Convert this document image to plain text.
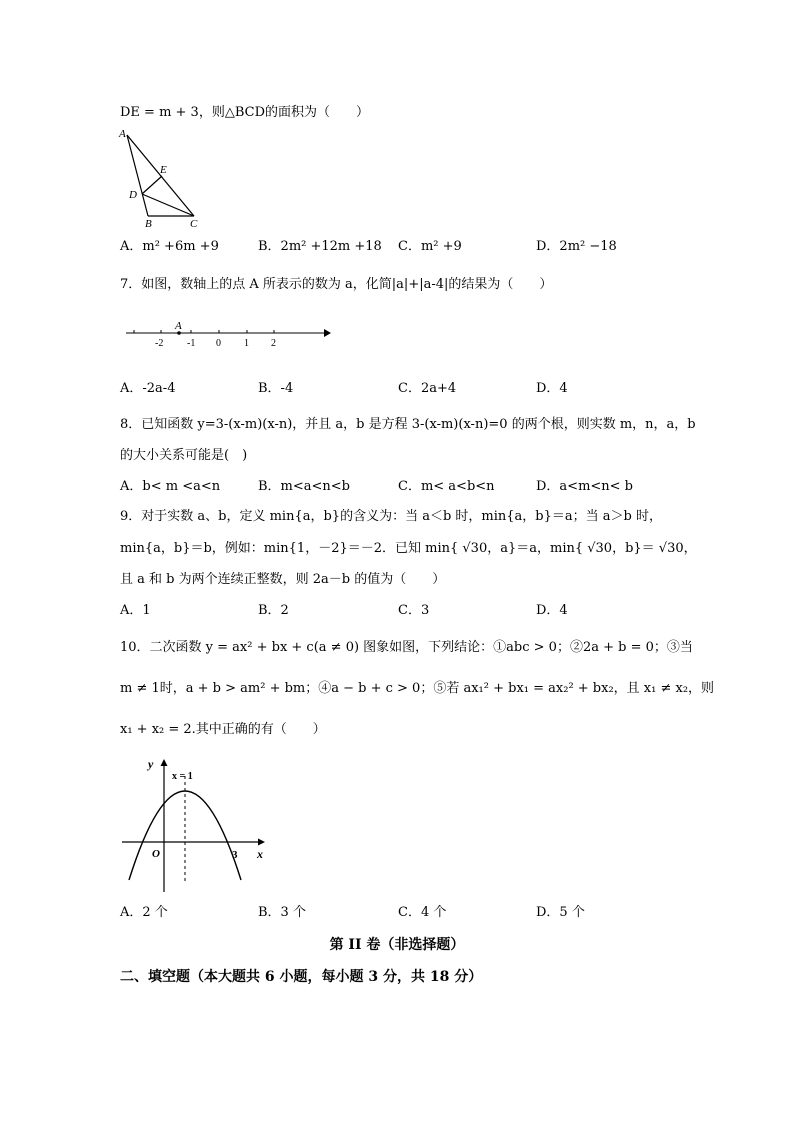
DE = m + 3，则△BCD的面积为（　　）
A
E
D
B	C
A．m² +6m +9	B．2m² +12m +18 C．m² +9	D．2m² −18
7．如图，数轴上的点 A 所表示的数为 a，化简|a|+|a-4|的结果为（　　）
A
-2 -1 0 1 2
A．-2a-4	B．-4	C．2a+4	D．4
8．已知函数 y=3-(x-m)(x-n)，并且 a，b 是方程 3-(x-m)(x-n)=0 的两个根，则实数 m，n，a，b
的大小关系可能是(　)
A．b< m <a<n	B．m<a<n<b	C．m< a<b<n	D．a<m<n< b
9．对于实数 a、b，定义 min{a，b}的含义为：当 a＜b 时，min{a，b}＝a；当 a＞b 时，
min{a，b}＝b，例如：min{1，－2}＝－2．已知 min{ √30，a}＝a，min{ √30，b}＝ √30，
且 a 和 b 为两个连续正整数，则 2a－b 的值为（　　）
A．1	B．2	C．3	D．4
10．二次函数 y = ax² + bx + c(a ≠ 0) 图象如图，下列结论：①abc > 0；②2a + b = 0；③当
m ≠ 1时，a + b > am² + bm；④a − b + c > 0；⑤若 ax₁² + bx₁ = ax₂² + bx₂，且 x₁ ≠ x₂，则
x₁ + x₂ = 2.其中正确的有（　　）
y
x
O	3
x = 1
A．2 个	B．3 个	C．4 个	D．5 个
第 II 卷（非选择题）
二、填空题（本大题共 6 小题，每小题 3 分，共 18 分）
